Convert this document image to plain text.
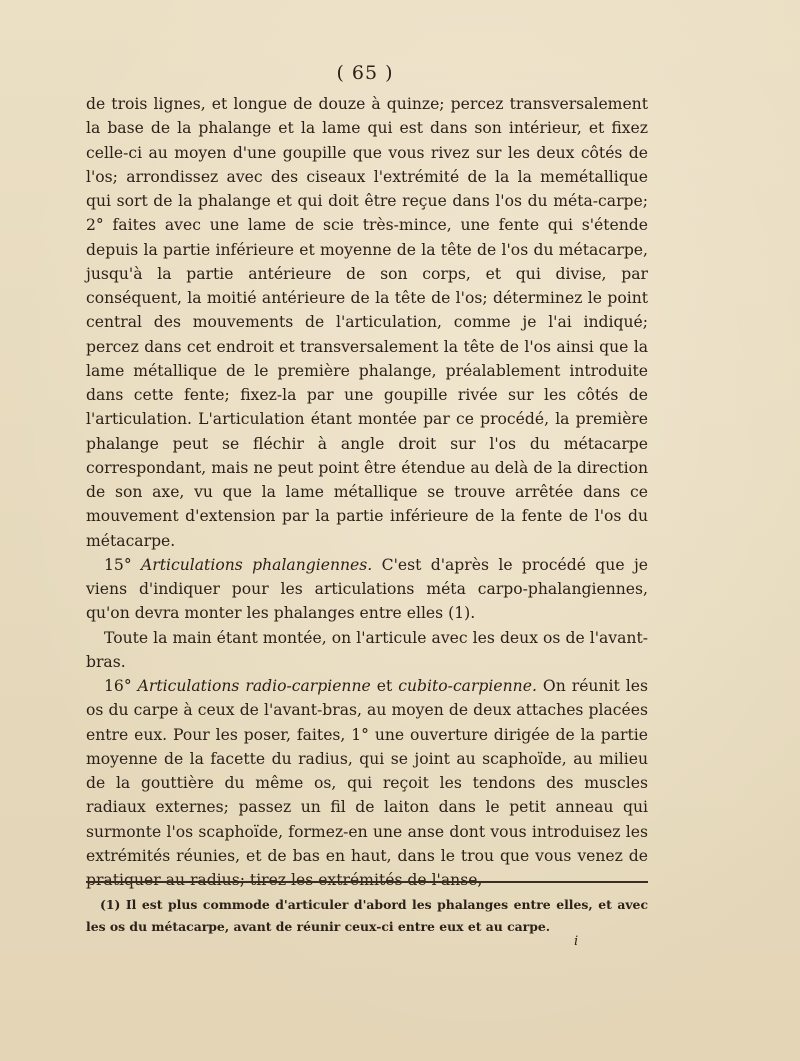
( 65 )

de trois lignes, et longue de douze à quinze; percez transversalement la base de la phalange et la lame qui est dans son intérieur, et fixez celle-ci au moyen d'une goupille que vous rivez sur les deux côtés de l'os; arrondissez avec des ciseaux l'extrémité de la la memétallique qui sort de la phalange et qui doit être reçue dans l'os du méta-carpe; 2° faites avec une lame de scie très-mince, une fente qui s'étende depuis la partie inférieure et moyenne de la tête de l'os du métacarpe, jusqu'à la partie antérieure de son corps, et qui divise, par conséquent, la moitié antérieure de la tête de l'os; déterminez le point central des mouvements de l'articulation, comme je l'ai indiqué; percez dans cet endroit et transversalement la tête de l'os ainsi que la lame métallique de le première phalange, préalablement introduite dans cette fente; fixez-la par une goupille rivée sur les côtés de l'articulation. L'articulation étant montée par ce procédé, la première phalange peut se fléchir à angle droit sur l'os du métacarpe correspondant, mais ne peut point être étendue au delà de la direction de son axe, vu que la lame métallique se trouve arrêtée dans ce mouvement d'extension par la partie inférieure de la fente de l'os du métacarpe.

15° Articulations phalangiennes. C'est d'après le procédé que je viens d'indiquer pour les articulations méta carpo-phalangiennes, qu'on devra monter les phalanges entre elles (1).

Toute la main étant montée, on l'articule avec les deux os de l'avant-bras.

16° Articulations radio-carpienne et cubito-carpienne. On réunit les os du carpe à ceux de l'avant-bras, au moyen de deux attaches placées entre eux. Pour les poser, faites, 1° une ouverture dirigée de la partie moyenne de la facette du radius, qui se joint au scaphoïde, au milieu de la gouttière du même os, qui reçoit les tendons des muscles radiaux externes; passez un fil de laiton dans le petit anneau qui surmonte l'os scaphoïde, formez-en une anse dont vous introduisez les extrémités réunies, et de bas en haut, dans le trou que vous venez de pratiquer au radius; tirez les extrémités de l'anse,

(1) Il est plus commode d'articuler d'abord les phalanges entre elles, et avec les os du métacarpe, avant de réunir ceux-ci entre eux et au carpe.

i
